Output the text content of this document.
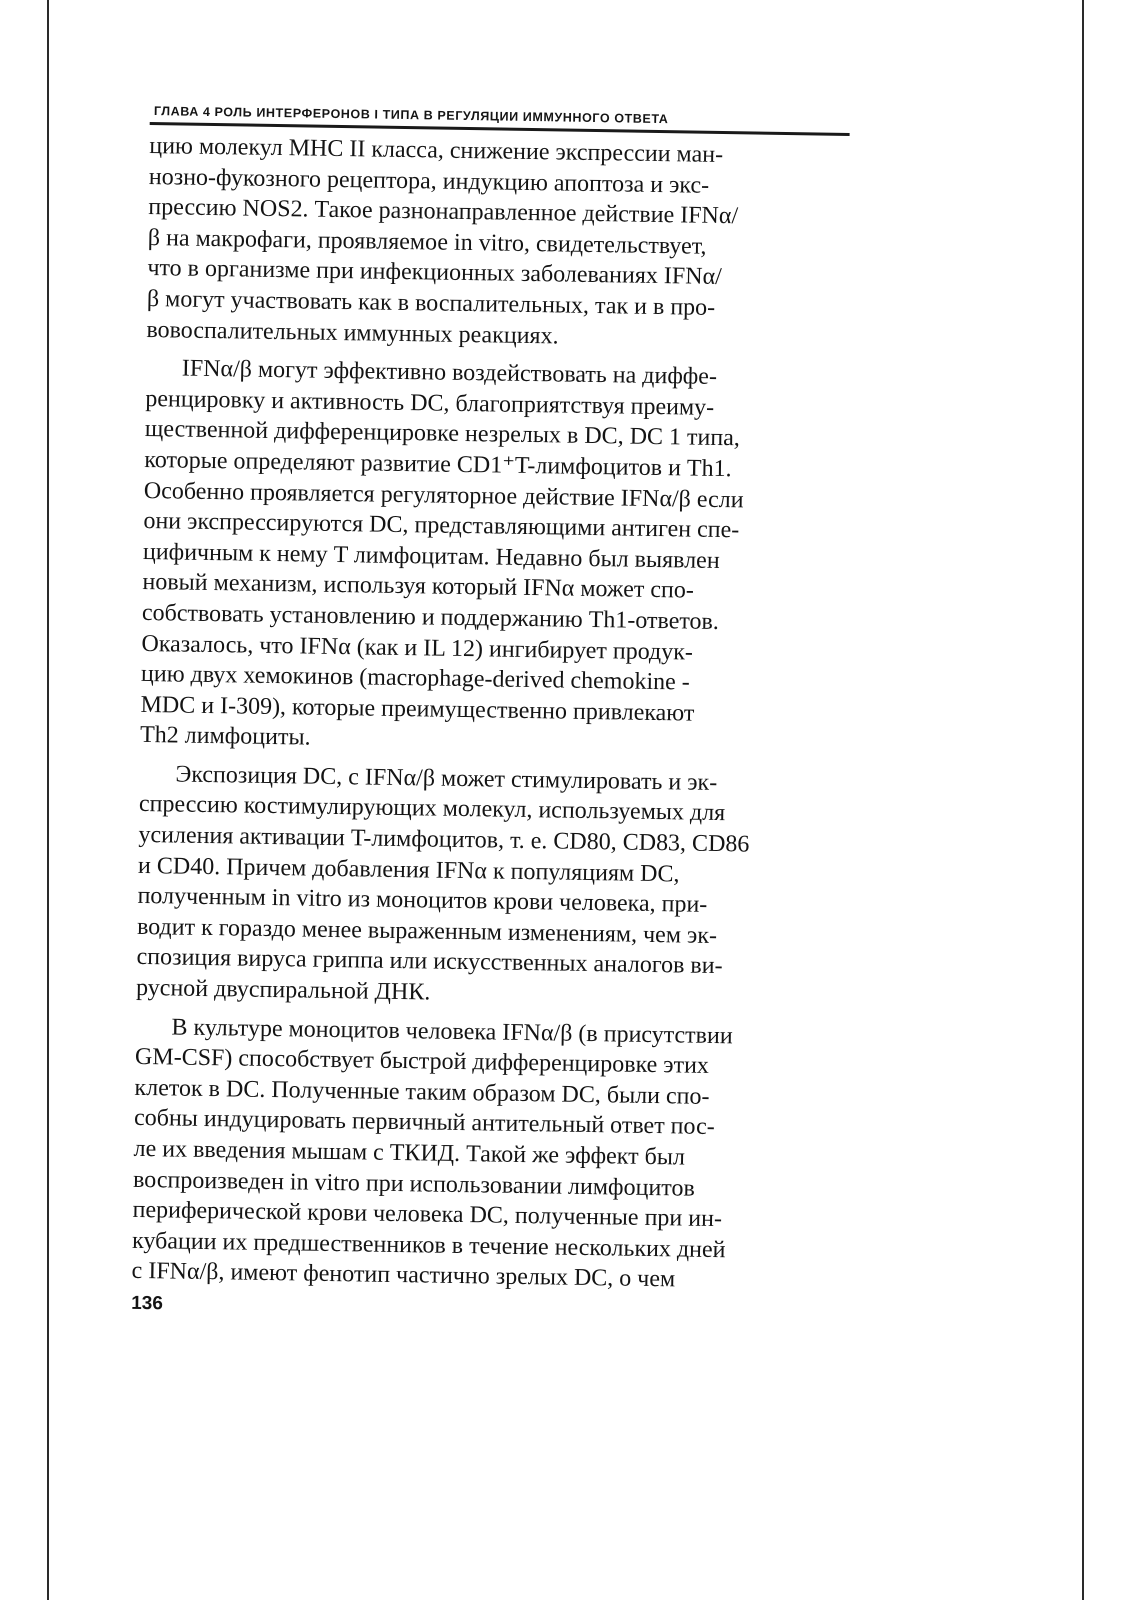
ГЛАВА 4 РОЛЬ ИНТЕРФЕРОНОВ I ТИПА В РЕГУЛЯЦИИ ИММУННОГО ОТВЕТА
цию молекул MHC II класса, снижение экспрессии ман-
нозно-фукозного рецептора, индукцию апоптоза и экс-
прессию NOS2. Такое разнонаправленное действие IFNα/
β на макрофаги, проявляемое in vitro, свидетельствует,
что в организме при инфекционных заболеваниях IFNα/
β могут участвовать как в воспалительных, так и в про-
вовоспалительных иммунных реакциях.
IFNα/β могут эффективно воздействовать на диффе-
ренцировку и активность DC, благоприятствуя преиму-
щественной дифференцировке незрелых в DC, DC 1 типа,
которые определяют развитие CD1⁺T-лимфоцитов и Th1.
Особенно проявляется регуляторное действие IFNα/β если
они экспрессируются DC, представляющими антиген спе-
цифичным к нему T лимфоцитам. Недавно был выявлен
новый механизм, используя который IFNα может спо-
собствовать установлению и поддержанию Th1-ответов.
Оказалось, что IFNα (как и IL 12) ингибирует продук-
цию двух хемокинов (macrophage-derived chemokine -
MDC и I-309), которые преимущественно привлекают
Th2 лимфоциты.
Экспозиция DC, с IFNα/β может стимулировать и эк-
спрессию костимулирующих молекул, используемых для
усиления активации T-лимфоцитов, т. е. CD80, CD83, CD86
и CD40. Причем добавления IFNα к популяциям DC,
полученным in vitro из моноцитов крови человека, при-
водит к гораздо менее выраженным изменениям, чем эк-
спозиция вируса гриппа или искусственных аналогов ви-
русной двуспиральной ДНК.
В культуре моноцитов человека IFNα/β (в присутствии
GM-CSF) способствует быстрой дифференцировке этих
клеток в DC. Полученные таким образом DC, были спо-
собны индуцировать первичный антительный ответ пос-
ле их введения мышам с ТКИД. Такой же эффект был
воспроизведен in vitro при использовании лимфоцитов
периферической крови человека DC, полученные при ин-
кубации их предшественников в течение нескольких дней
с IFNα/β, имеют фенотип частично зрелых DC, о чем
136
